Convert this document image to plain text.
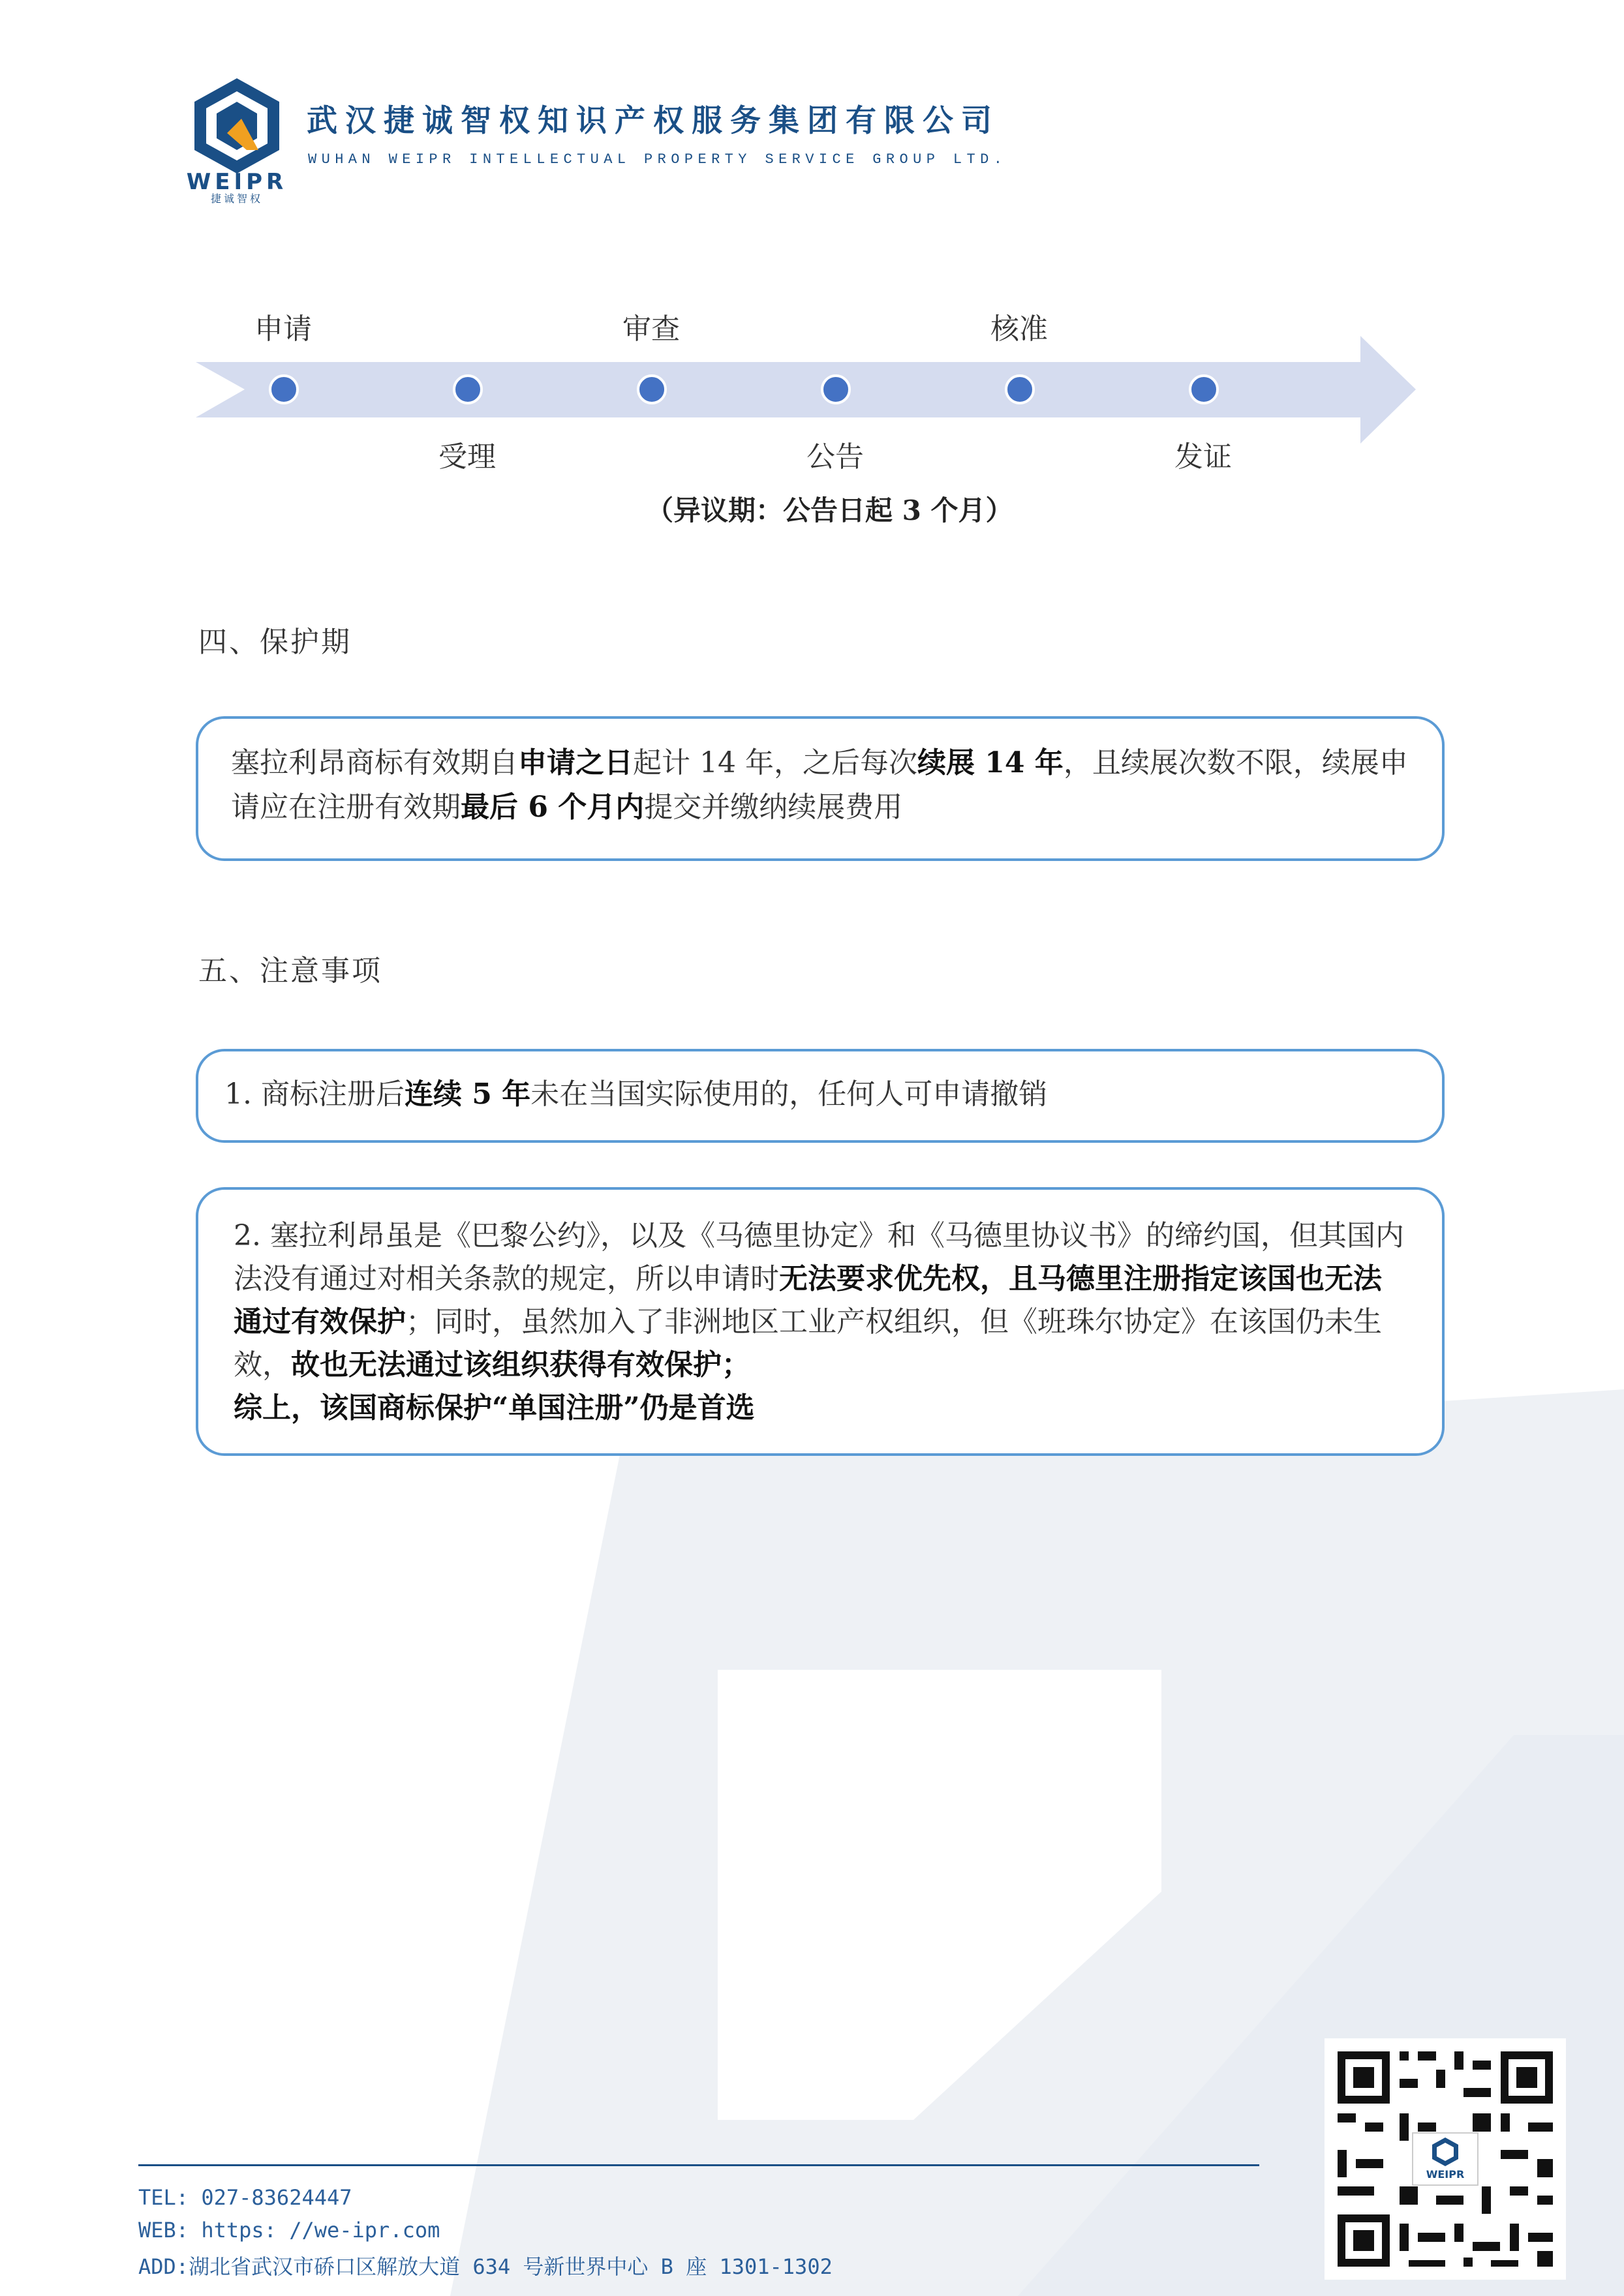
WEIPR
捷诚智权
武汉捷诚智权知识产权服务集团有限公司
WUHAN WEIPR INTELLECTUAL PROPERTY SERVICE GROUP LTD.
申请	审查	核准
受理	公告	发证
（异议期：公告日起 3 个月）
四、保护期
塞拉利昂商标有效期自申请之日起计 14 年，之后每次续展 14 年，且续展次数不限，续展申请应在注册有效期最后 6 个月内提交并缴纳续展费用
五、注意事项
1. 商标注册后连续 5 年未在当国实际使用的，任何人可申请撤销
2. 塞拉利昂虽是《巴黎公约》，以及《马德里协定》和《马德里协议书》的缔约国，但其国内法没有通过对相关条款的规定，所以申请时无法要求优先权，且马德里注册指定该国也无法通过有效保护；同时，虽然加入了非洲地区工业产权组织，但《班珠尔协定》在该国仍未生效，故也无法通过该组织获得有效保护；
综上，该国商标保护“单国注册”仍是首选
WEIPR
TEL: 027-83624447
WEB: https: //we-ipr.com
ADD:湖北省武汉市硚口区解放大道 634 号新世界中心 B 座 1301-1302
